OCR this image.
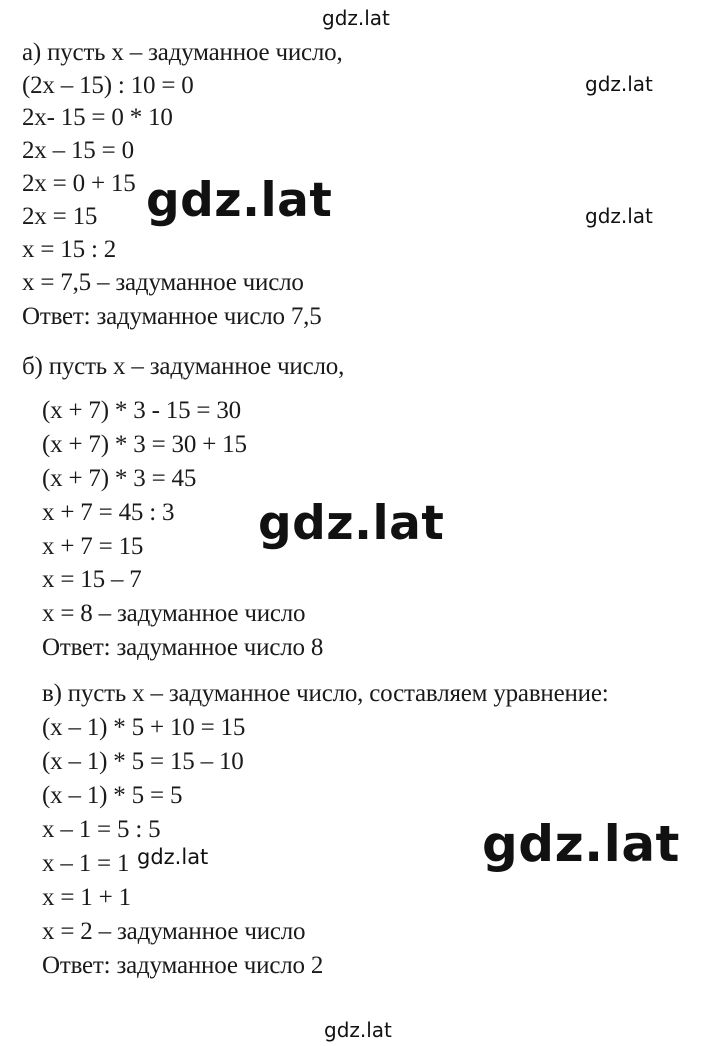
gdz.lat
gdz.lat
gdz.lat
а) пусть х – задуманное число,
(2х – 15) : 10 = 0
2х- 15 = 0 * 10
2х – 15 = 0
2х = 0 + 15
2х = 15
х = 15 : 2
х = 7,5 – задуманное число
Ответ: задуманное число 7,5
gdz.lat
б) пусть х – задуманное число,
(х + 7) * 3 - 15 = 30
(х + 7) * 3 = 30 + 15
(х + 7) * 3 = 45
х + 7 = 45 : 3
х + 7 = 15
х = 15 – 7
х = 8 – задуманное число
Ответ: задуманное число 8
gdz.lat
в) пусть х – задуманное число, составляем уравнение:
(х – 1) * 5 + 10 = 15
(х – 1) * 5 = 15 – 10
(х – 1) * 5 = 5
х – 1 = 5 : 5
х – 1 = 1
х = 1 + 1
х = 2 – задуманное число
Ответ: задуманное число 2
gdz.lat	gdz.lat
gdz.lat
